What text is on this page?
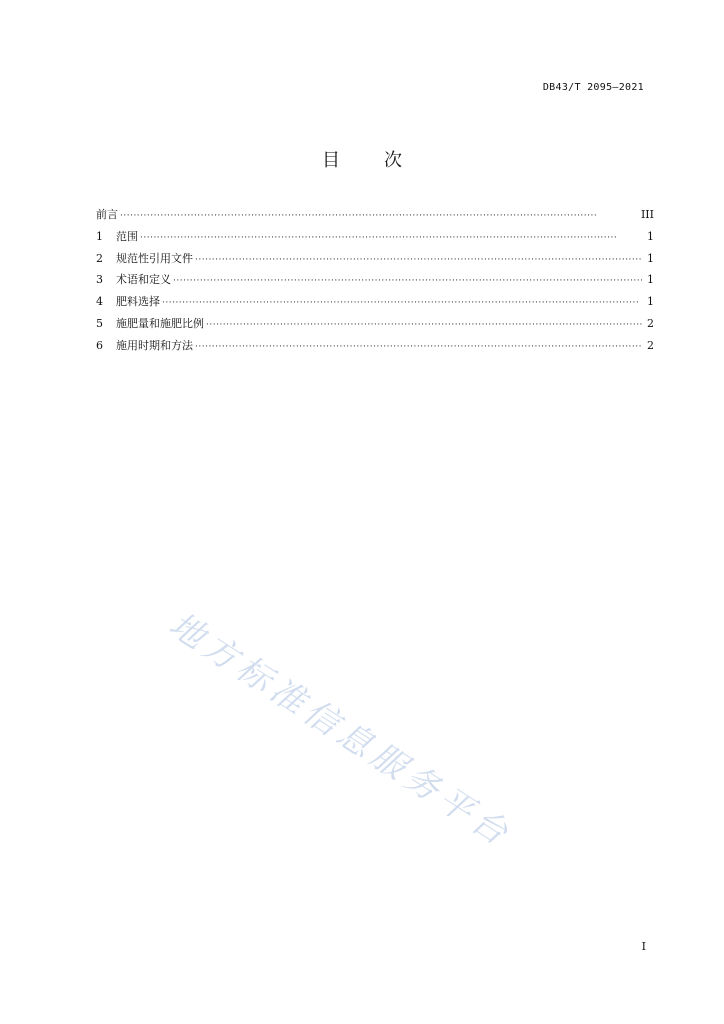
DB43/T 2095—2021
目 次
前言 ·····	III
1	范围 ·····	1
2	规范性引用文件 ·····	1
3	术语和定义 ·····	1
4	肥料选择 ·····	1
5	施肥量和施肥比例 ·····	2
6	施用时期和方法 ·····	2
地方标准信息服务平台
I
